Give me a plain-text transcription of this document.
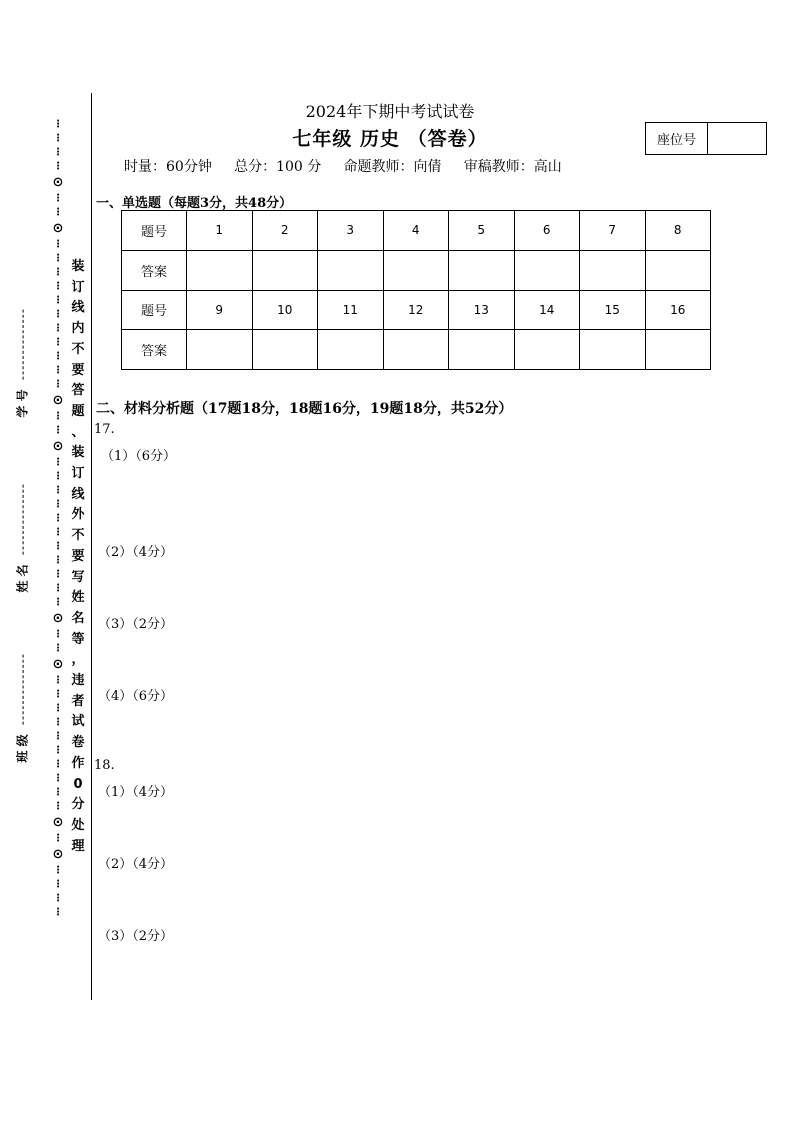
2024年下期中考试试卷
七年级 历史 （答卷）	座位号
时量：60分钟     总分：100 分     命题教师：向倩     审稿教师：高山
一、单选题（每题3分，共48分）
题号	1	2	3	4	5	6	7	8
答案								
题号	9	10	11	12	13	14	15	16
答案								
二、材料分析题（17题18分，18题16分，19题18分，共52分）
17.
（1）（6分）
（2）（4分）
（3）（2分）
（4）（6分）
18.
（1）（4分）
（2）（4分）
（3）（2分）
装
订
线
内
不
要
答
题
、
装
订
线
外
不
要
写
姓
名
等
，
违
者
试
卷
作
0
分
处
理
⋮
⋮
⋮
⋮
⊙
⋮
⋮
⊙
⋮
⋮
⋮
⋮
⋮
⋮
⋮
⋮
⋮
⋮
⋮
⊙
⋮
⋮
⊙
⋮
⋮
⋮
⋮
⋮
⋮
⋮
⋮
⋮
⋮
⋮
⊙
⋮
⋮
⊙
⋮
⋮
⋮
⋮
⋮
⋮
⋮
⋮
⋮
⋮
⊙
⋮
⊙
⋮
⋮
⋮
⋮
学 号
姓 名
班 级
